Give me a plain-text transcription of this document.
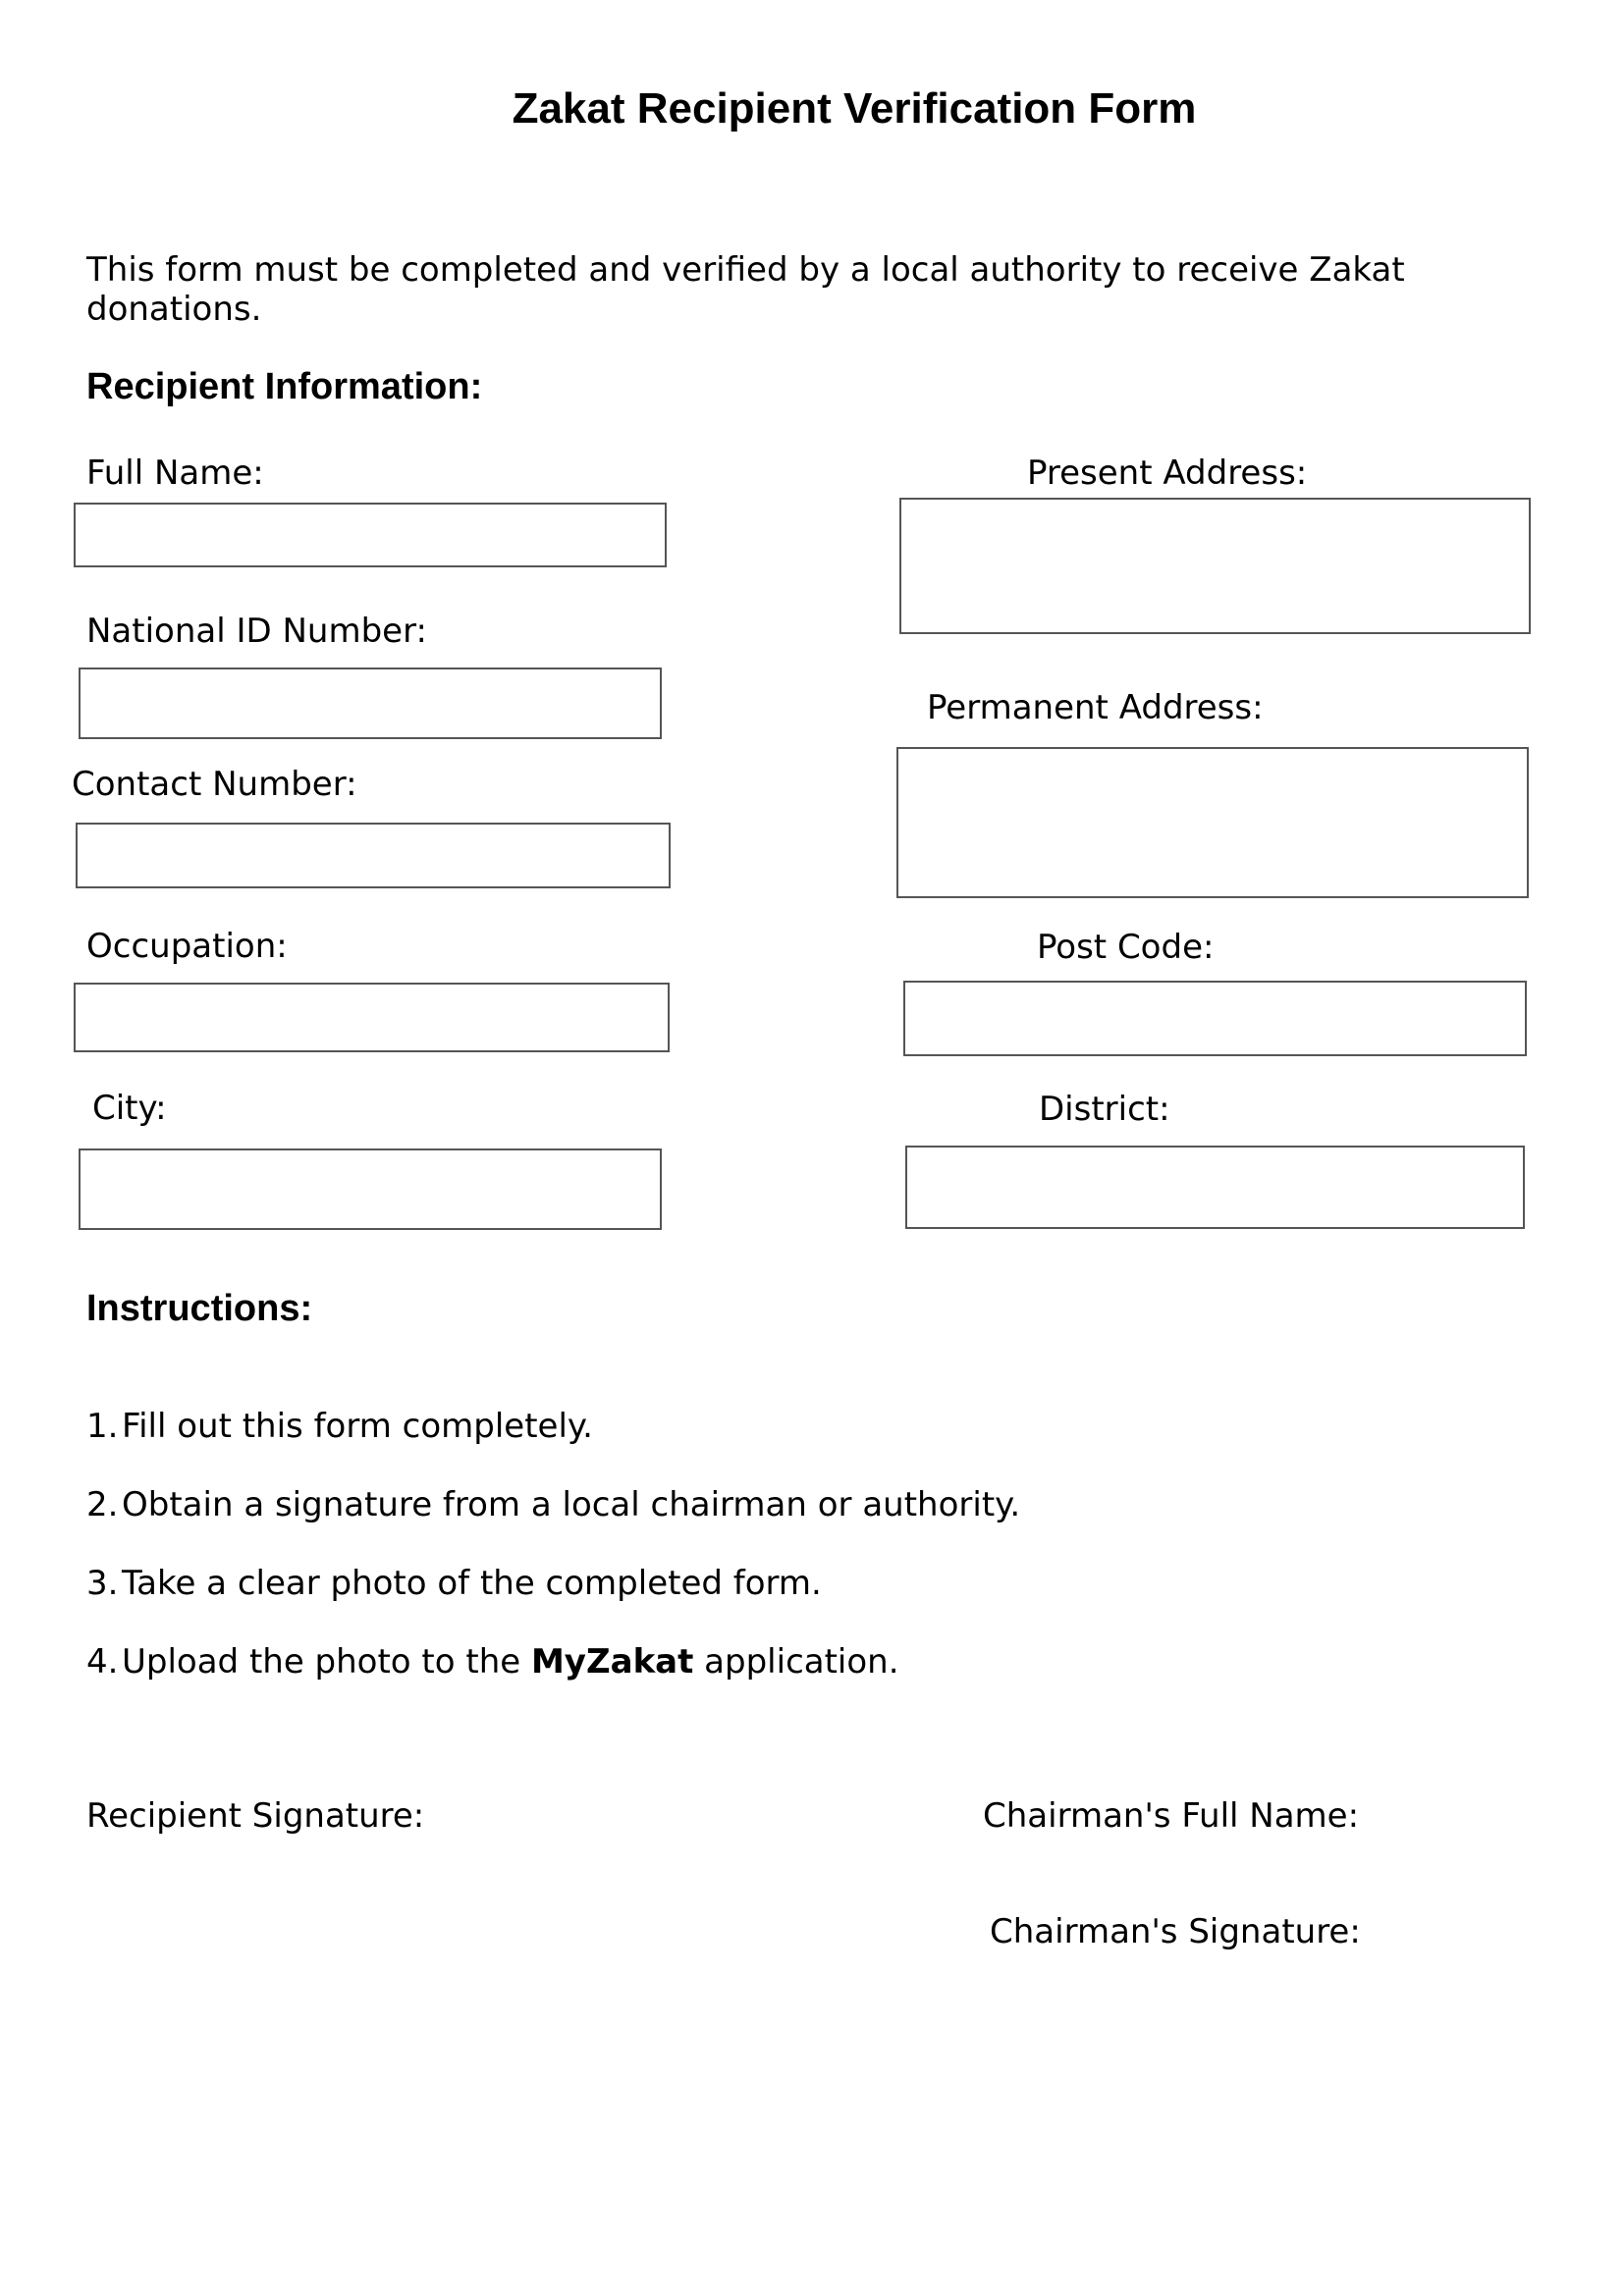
Zakat Recipient Verification Form
This form must be completed and verified by a local authority to receive Zakat donations.
Recipient Information:
Full Name:
National ID Number:
Contact Number:
Occupation:
City:
Present Address:
Permanent Address:
Post Code:
District:
Instructions:
1. Fill out this form completely.
2. Obtain a signature from a local chairman or authority.
3. Take a clear photo of the completed form.
4. Upload the photo to the MyZakat application.
Recipient Signature:	Chairman's Full Name:
Chairman's Signature:
